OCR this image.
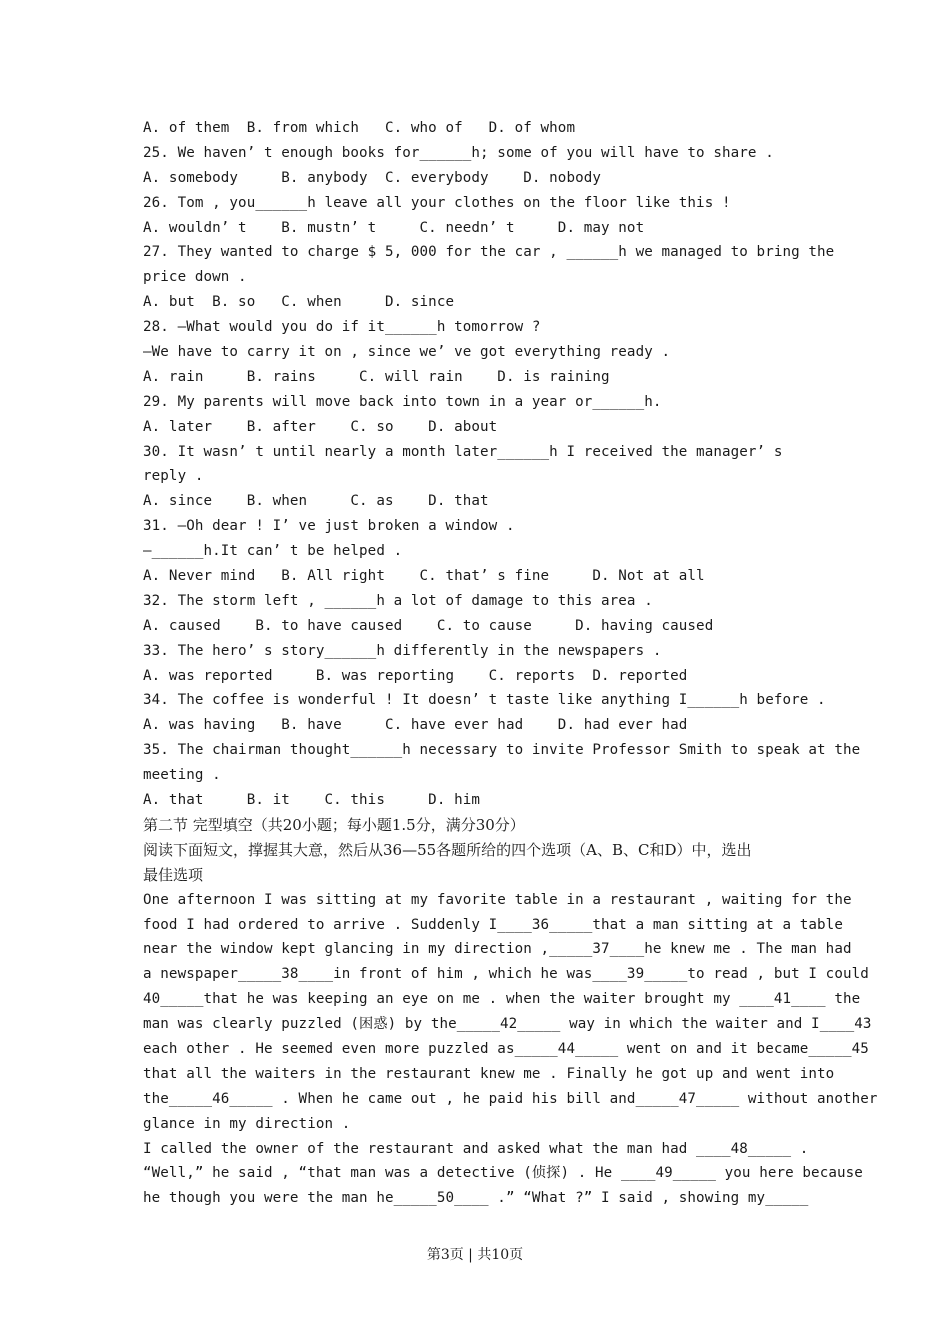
A. of them  B. from which   C. who of   D. of whom
25. We haven’ t enough books for______h; some of you will have to share .
A. somebody     B. anybody  C. everybody    D. nobody
26. Tom , you______h leave all your clothes on the floor like this !
A. wouldn’ t    B. mustn’ t     C. needn’ t     D. may not
27. They wanted to charge $ 5, 000 for the car , ______h we managed to bring the
price down .
A. but  B. so   C. when     D. since
28. —What would you do if it______h tomorrow ?
—We have to carry it on , since we’ ve got everything ready .
A. rain     B. rains     C. will rain    D. is raining
29. My parents will move back into town in a year or______h.
A. later    B. after    C. so    D. about
30. It wasn’ t until nearly a month later______h I received the manager’ s
reply .
A. since    B. when     C. as    D. that
31. —Oh dear ! I’ ve just broken a window .
—______h.It can’ t be helped .
A. Never mind   B. All right    C. that’ s fine     D. Not at all
32. The storm left , ______h a lot of damage to this area .
A. caused    B. to have caused    C. to cause     D. having caused
33. The hero’ s story______h differently in the newspapers .
A. was reported     B. was reporting    C. reports  D. reported
34. The coffee is wonderful ! It doesn’ t taste like anything I______h before .
A. was having   B. have     C. have ever had    D. had ever had
35. The chairman thought______h necessary to invite Professor Smith to speak at the
meeting .
A. that     B. it    C. this     D. him
第二节 完型填空（共20小题；每小题1.5分，满分30分）
阅读下面短文，撑握其大意，然后从36—55各题所给的四个选项（A、B、C和D）中，选出
最佳选项
One afternoon I was sitting at my favorite table in a restaurant , waiting for the
food I had ordered to arrive . Suddenly I____36_____that a man sitting at a table
near the window kept glancing in my direction ,_____37____he knew me . The man had
a newspaper_____38____in front of him , which he was____39_____to read , but I could
40_____that he was keeping an eye on me . when the waiter brought my ____41____ the
man was clearly puzzled (困惑) by the_____42_____ way in which the waiter and I____43
each other . He seemed even more puzzled as_____44_____ went on and it became_____45
that all the waiters in the restaurant knew me . Finally he got up and went into
the_____46_____ . When he came out , he paid his bill and_____47_____ without another
glance in my direction .
I called the owner of the restaurant and asked what the man had ____48_____ .
“Well,” he said , “that man was a detective (侦探) . He ____49_____ you here because
he though you were the man he_____50____ .” “What ?” I said , showing my_____
第3页 | 共10页
